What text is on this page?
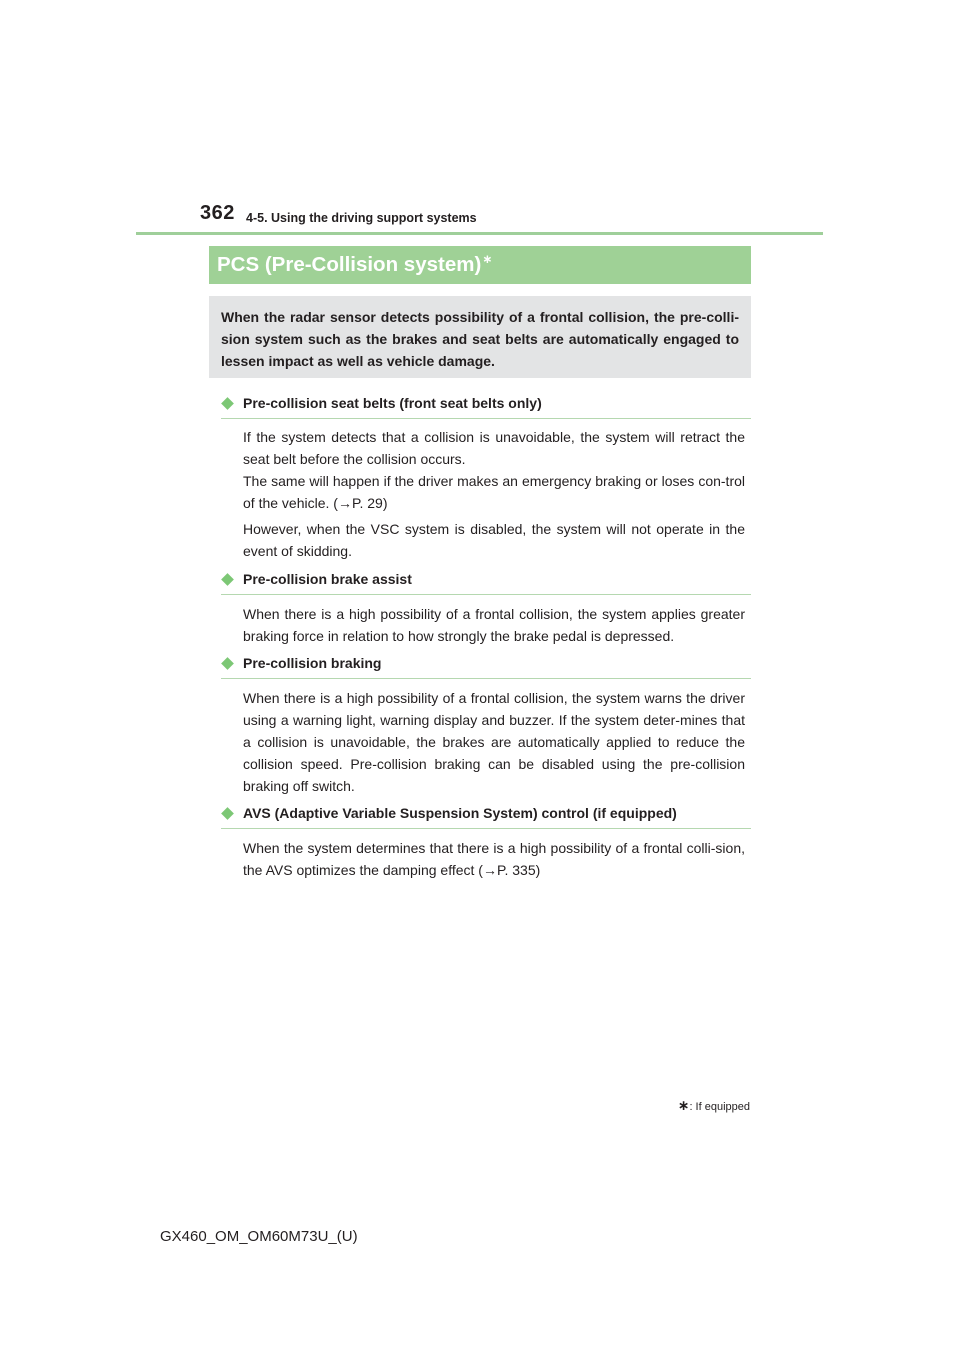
362 4-5. Using the driving support systems
PCS (Pre-Collision system)∗
When the radar sensor detects possibility of a frontal collision, the pre-colli-sion system such as the brakes and seat belts are automatically engaged to lessen impact as well as vehicle damage.
Pre-collision seat belts (front seat belts only)
If the system detects that a collision is unavoidable, the system will retract the seat belt before the collision occurs.
The same will happen if the driver makes an emergency braking or loses con-trol of the vehicle. (→P. 29)
However, when the VSC system is disabled, the system will not operate in the event of skidding.
Pre-collision brake assist
When there is a high possibility of a frontal collision, the system applies greater braking force in relation to how strongly the brake pedal is depressed.
Pre-collision braking
When there is a high possibility of a frontal collision, the system warns the driver using a warning light, warning display and buzzer. If the system deter-mines that a collision is unavoidable, the brakes are automatically applied to reduce the collision speed. Pre-collision braking can be disabled using the pre-collision braking off switch.
AVS (Adaptive Variable Suspension System) control (if equipped)
When the system determines that there is a high possibility of a frontal colli-sion, the AVS optimizes the damping effect (→P. 335)
∗: If equipped
GX460_OM_OM60M73U_(U)
